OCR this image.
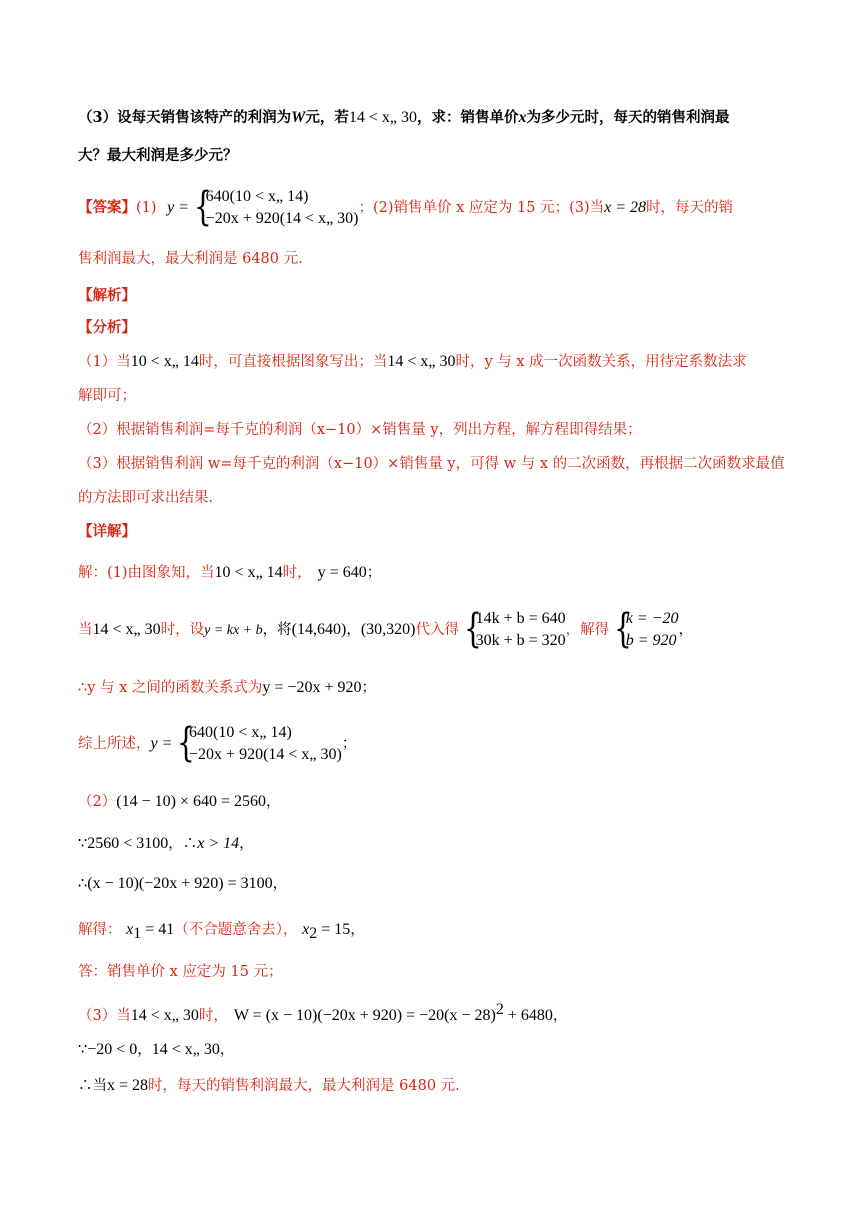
（3）设每天销售该特产的利润为W元，若14 < x„ 30，求：销售单价x为多少元时，每天的销售利润最
大？最大利润是多少元？
【答案】(1) y = {
640(10 < x„ 14)
−20x + 920(14 < x„ 30)
；(2)销售单价 x 应定为 15 元；(3)当x = 28时，每天的销
售利润最大，最大利润是 6480 元.
【解析】
【分析】
（1）当10 < x„ 14时，可直接根据图象写出；当14 < x„ 30时，y 与 x 成一次函数关系，用待定系数法求
解即可；
（2）根据销售利润=每千克的利润（x−10）×销售量 y，列出方程，解方程即得结果；
（3）根据销售利润 w=每千克的利润（x−10）×销售量 y，可得 w 与 x 的二次函数，再根据二次函数求最值
的方法即可求出结果.
【详解】
解：(1)由图象知，当10 < x„ 14时， y = 640；
当14 < x„ 30时，设y = kx + b，将(14,640)，(30,320)代入得 {
14k + b = 640
30k + b = 320
，解得 {
k = −20
b = 920
，
∴y 与 x 之间的函数关系式为y = −20x + 920；
综上所述，y = {
640(10 < x„ 14)
−20x + 920(14 < x„ 30)
；
（2）(14 − 10) × 640 = 2560，
∵2560 < 3100，∴x > 14，
∴(x − 10)(−20x + 920) = 3100，
解得： $x_1 = 41$（不合题意舍去）， $x_2 = 15$，
答：销售单价 x 应定为 15 元；
（3）当14 < x„ 30时， $W = (x - 10)(-20x + 920) = -20(x - 28)^2 + 6480$，
∵−20 < 0，14 < x„ 30，
∴当x = 28时，每天的销售利润最大，最大利润是 6480 元.
